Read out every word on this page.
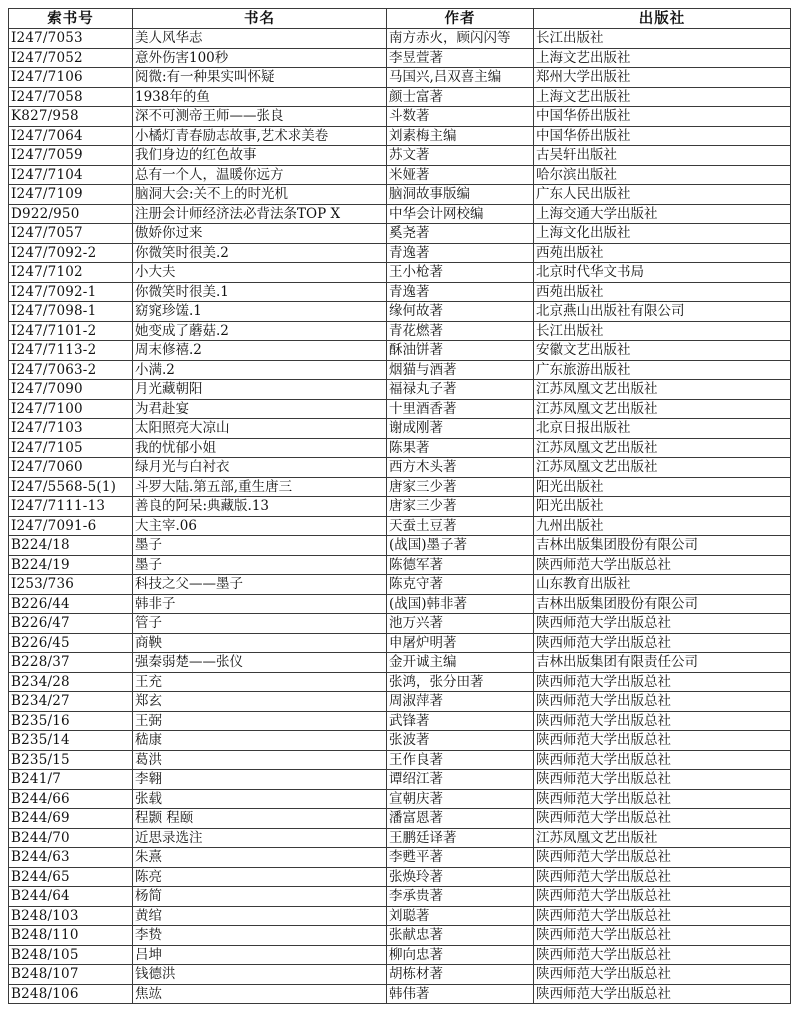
索书号	书名	作者	出版社
I247/7053	美人风华志	南方赤火，顾闪闪等	长江出版社
I247/7052	意外伤害100秒	李昱萱著	上海文艺出版社
I247/7106	阅微:有一种果实叫怀疑	马国兴,吕双喜主编	郑州大学出版社
I247/7058	1938年的鱼	颜士富著	上海文艺出版社
K827/958	深不可测帝王师——张良	斗数著	中国华侨出版社
I247/7064	小橘灯青春励志故事,艺术求美卷	刘素梅主编	中国华侨出版社
I247/7059	我们身边的红色故事	苏文著	古吴轩出版社
I247/7104	总有一个人，温暖你远方	米娅著	哈尔滨出版社
I247/7109	脑洞大会:关不上的时光机	脑洞故事版编	广东人民出版社
D922/950	注册会计师经济法必背法条TOP X	中华会计网校编	上海交通大学出版社
I247/7057	傲娇你过来	奚尧著	上海文化出版社
I247/7092-2	你微笑时很美.2	青逸著	西苑出版社
I247/7102	小大夫	王小枪著	北京时代华文书局
I247/7092-1	你微笑时很美.1	青逸著	西苑出版社
I247/7098-1	窈窕珍馐.1	缘何故著	北京燕山出版社有限公司
I247/7101-2	她变成了蘑菇.2	青花燃著	长江出版社
I247/7113-2	周末修禧.2	酥油饼著	安徽文艺出版社
I247/7063-2	小满.2	烟猫与酒著	广东旅游出版社
I247/7090	月光藏朝阳	福禄丸子著	江苏凤凰文艺出版社
I247/7100	为君赴宴	十里酒香著	江苏凤凰文艺出版社
I247/7103	太阳照亮大凉山	谢成刚著	北京日报出版社
I247/7105	我的忧郁小姐	陈果著	江苏凤凰文艺出版社
I247/7060	绿月光与白衬衣	西方木头著	江苏凤凰文艺出版社
I247/5568-5(1)	斗罗大陆.第五部,重生唐三	唐家三少著	阳光出版社
I247/7111-13	善良的阿呆:典藏版.13	唐家三少著	阳光出版社
I247/7091-6	大主宰.06	天蚕土豆著	九州出版社
B224/18	墨子	(战国)墨子著	吉林出版集团股份有限公司
B224/19	墨子	陈德军著	陕西师范大学出版总社
I253/736	科技之父——墨子	陈克守著	山东教育出版社
B226/44	韩非子	(战国)韩非著	吉林出版集团股份有限公司
B226/47	管子	池万兴著	陕西师范大学出版总社
B226/45	商鞅	申屠炉明著	陕西师范大学出版总社
B228/37	强秦弱楚——张仪	金开诚主编	吉林出版集团有限责任公司
B234/28	王充	张鸿，张分田著	陕西师范大学出版总社
B234/27	郑玄	周淑萍著	陕西师范大学出版总社
B235/16	王弼	武锋著	陕西师范大学出版总社
B235/14	嵇康	张波著	陕西师范大学出版总社
B235/15	葛洪	王作良著	陕西师范大学出版总社
B241/7	李翱	谭绍江著	陕西师范大学出版总社
B244/66	张载	宣朝庆著	陕西师范大学出版总社
B244/69	程颢 程颐	潘富恩著	陕西师范大学出版总社
B244/70	近思录选注	王鹏廷译著	江苏凤凰文艺出版社
B244/63	朱熹	李甦平著	陕西师范大学出版总社
B244/65	陈亮	张焕玲著	陕西师范大学出版总社
B244/64	杨简	李承贵著	陕西师范大学出版总社
B248/103	黄绾	刘聪著	陕西师范大学出版总社
B248/110	李贽	张献忠著	陕西师范大学出版总社
B248/105	吕坤	柳向忠著	陕西师范大学出版总社
B248/107	钱德洪	胡栋材著	陕西师范大学出版总社
B248/106	焦竑	韩伟著	陕西师范大学出版总社
